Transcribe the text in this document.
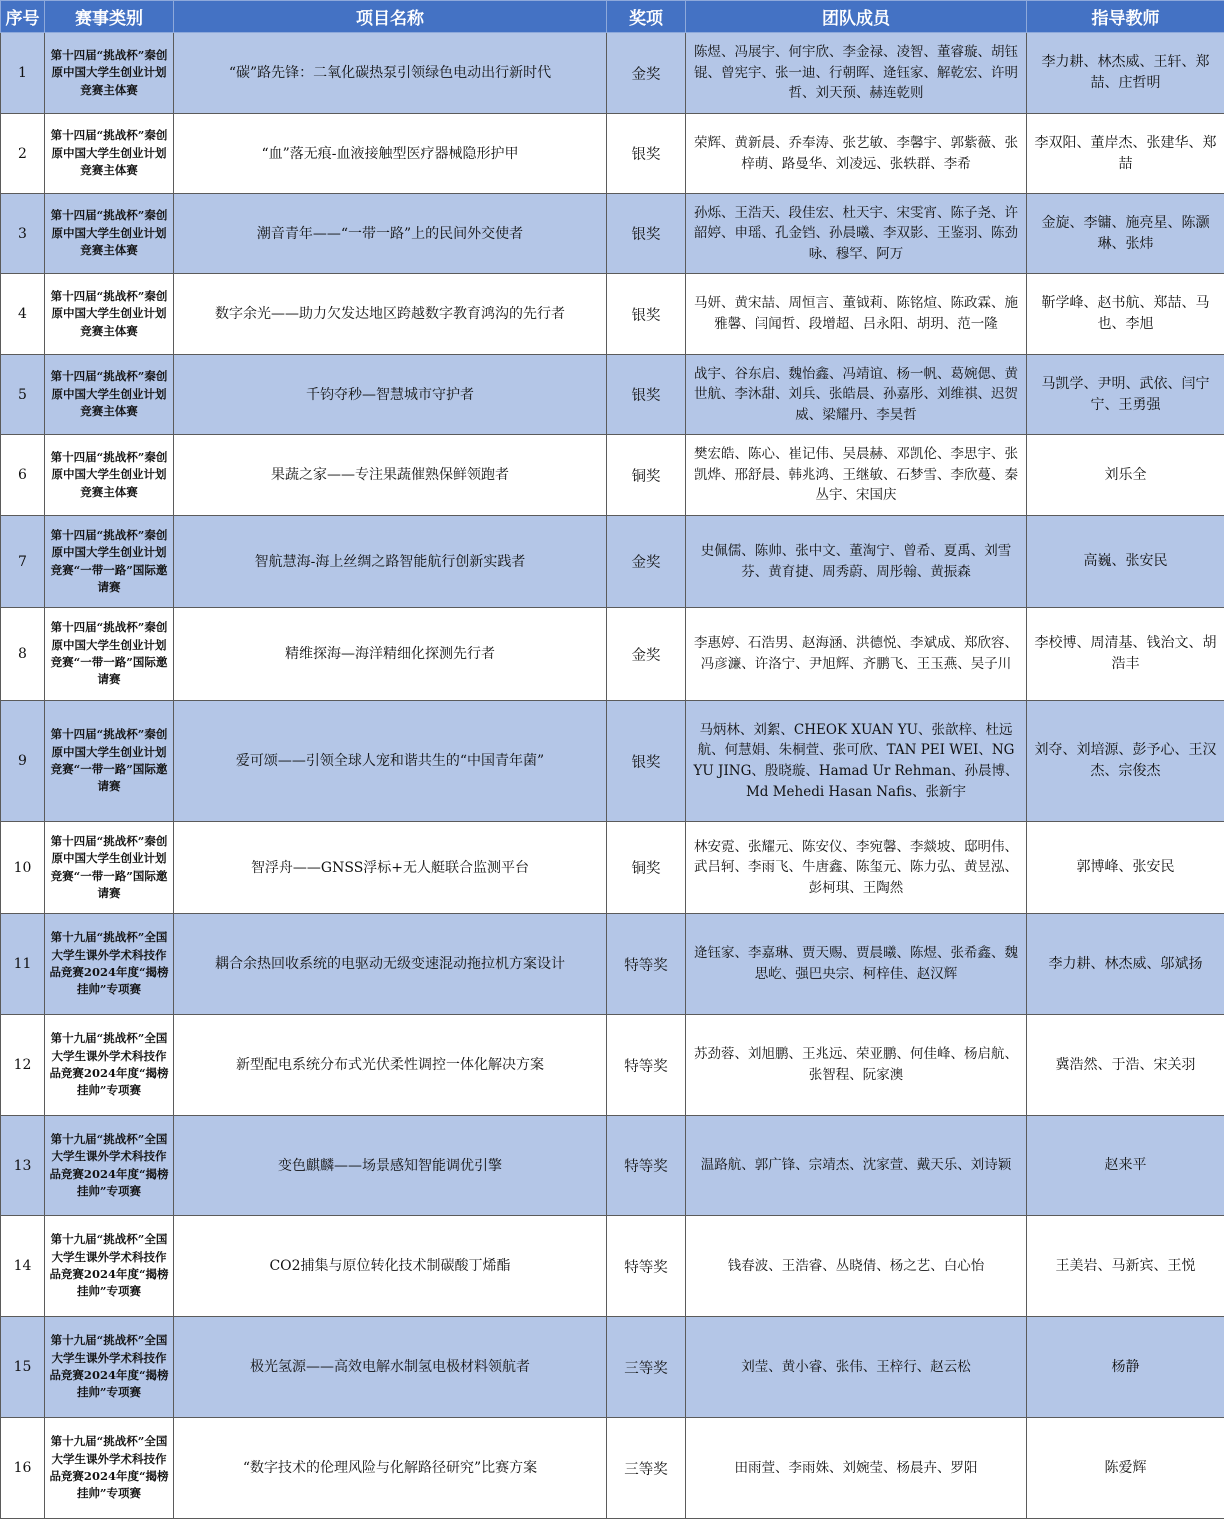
序号	赛事类别	项目名称	奖项	团队成员	指导教师
1	第十四届“挑战杯”秦创原中国大学生创业计划竞赛主体赛	“碳”路先锋：二氧化碳热泵引领绿色电动出行新时代	金奖	陈煜、冯展宇、何宇欣、李金禄、凌智、董睿璇、胡钰锟、曾宪宇、张一迪、行朝晖、逄钰家、解乾宏、许明哲、刘天预、赫连乾则	李力耕、林杰威、王轩、郑喆、庄哲明
2	第十四届“挑战杯”秦创原中国大学生创业计划竞赛主体赛	“血”落无痕-血液接触型医疗器械隐形护甲	银奖	荣辉、黄新晨、乔奉涛、张艺敏、李馨宇、郭紫薇、张梓萌、路曼华、刘凌远、张轶群、李希	李双阳、董岸杰、张建华、郑喆
3	第十四届“挑战杯”秦创原中国大学生创业计划竞赛主体赛	潮音青年——“一带一路”上的民间外交使者	银奖	孙烁、王浩天、段佳宏、杜天宇、宋雯宵、陈子尧、许韶婷、申瑶、孔金铛、孙晨曦、李双影、王鉴羽、陈劲咏、穆罕、阿万	金旋、李镛、施亮星、陈灏琳、张炜
4	第十四届“挑战杯”秦创原中国大学生创业计划竞赛主体赛	数字余光——助力欠发达地区跨越数字教育鸿沟的先行者	银奖	马妍、黄宋喆、周恒言、董钺莉、陈铭煊、陈政霖、施雅馨、闫闻哲、段增超、吕永阳、胡玥、范一隆	靳学峰、赵书航、郑喆、马也、李旭
5	第十四届“挑战杯”秦创原中国大学生创业计划竞赛主体赛	千钧夺秒—智慧城市守护者	银奖	战宇、谷东启、魏怡鑫、冯靖谊、杨一帆、葛婉偲、黄世航、李沐甜、刘兵、张皓晨、孙嘉彤、刘维祺、迟贺威、梁耀丹、李昊哲	马凯学、尹明、武依、闫宁宁、王勇强
6	第十四届“挑战杯”秦创原中国大学生创业计划竞赛主体赛	果蔬之家——专注果蔬催熟保鲜领跑者	铜奖	樊宏皓、陈心、崔记伟、吴晨赫、邓凯伦、李思宇、张凯烨、邢舒晨、韩兆鸿、王继敏、石梦雪、李欣蔓、秦丛宇、宋国庆	刘乐全
7	第十四届“挑战杯”秦创原中国大学生创业计划竞赛“一带一路”国际邀请赛	智航慧海-海上丝绸之路智能航行创新实践者	金奖	史佩儒、陈帅、张中文、董淘宁、曾希、夏禹、刘雪芬、黄育捷、周秀蔚、周彤翰、黄振森	高巍、张安民
8	第十四届“挑战杯”秦创原中国大学生创业计划竞赛“一带一路”国际邀请赛	精维探海—海洋精细化探测先行者	金奖	李惠婷、石浩男、赵海涵、洪德悦、李斌成、郑欣容、冯彦濂、许洛宁、尹旭辉、齐鹏飞、王玉燕、吴子川	李校博、周清基、钱治文、胡浩丰
9	第十四届“挑战杯”秦创原中国大学生创业计划竞赛“一带一路”国际邀请赛	爱可颂——引领全球人宠和谐共生的“中国青年菌”	银奖	马炳林、刘絮、CHEOK XUAN YU、张歆梓、杜远航、何慧娟、朱桐萱、张可欣、TAN PEI WEI、NG YU JING、殷晓璇、Hamad Ur Rehman、孙晨博、Md Mehedi Hasan Nafis、张新宇	刘夺、刘培源、彭予心、王汉杰、宗俊杰
10	第十四届“挑战杯”秦创原中国大学生创业计划竞赛“一带一路”国际邀请赛	智浮舟——GNSS浮标+无人艇联合监测平台	铜奖	林安霓、张耀元、陈安仪、李宛馨、李燚坡、邸明伟、武吕轲、李雨飞、牛唐鑫、陈玺元、陈力弘、黄昱泓、彭柯琪、王陶然	郭博峰、张安民
11	第十九届“挑战杯”全国大学生课外学术科技作品竞赛2024年度“揭榜挂帅”专项赛	耦合余热回收系统的电驱动无级变速混动拖拉机方案设计	特等奖	逄钰家、李嘉琳、贾天赐、贾晨曦、陈煜、张希鑫、魏思屹、强巴央宗、柯梓佳、赵汉辉	李力耕、林杰威、邬斌扬
12	第十九届“挑战杯”全国大学生课外学术科技作品竞赛2024年度“揭榜挂帅”专项赛	新型配电系统分布式光伏柔性调控一体化解决方案	特等奖	苏劲蓉、刘旭鹏、王兆远、荣亚鹏、何佳峰、杨启航、张智程、阮家澳	冀浩然、于浩、宋关羽
13	第十九届“挑战杯”全国大学生课外学术科技作品竞赛2024年度“揭榜挂帅”专项赛	变色麒麟——场景感知智能调优引擎	特等奖	温路航、郭广锋、宗靖杰、沈家萱、戴天乐、刘诗颖	赵来平
14	第十九届“挑战杯”全国大学生课外学术科技作品竞赛2024年度“揭榜挂帅”专项赛	CO2捕集与原位转化技术制碳酸丁烯酯	特等奖	钱春波、王浩睿、丛晓倩、杨之艺、白心怡	王美岩、马新宾、王悦
15	第十九届“挑战杯”全国大学生课外学术科技作品竞赛2024年度“揭榜挂帅”专项赛	极光氢源——高效电解水制氢电极材料领航者	三等奖	刘莹、黄小睿、张伟、王梓行、赵云松	杨静
16	第十九届“挑战杯”全国大学生课外学术科技作品竞赛2024年度“揭榜挂帅”专项赛	“数字技术的伦理风险与化解路径研究”比赛方案	三等奖	田雨萱、李雨姝、刘婉莹、杨晨卉、罗阳	陈爱辉
